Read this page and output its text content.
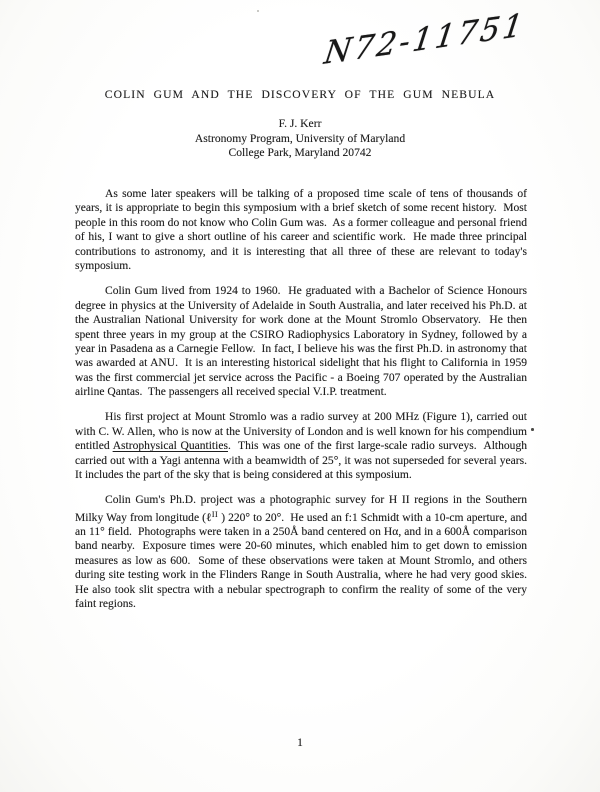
N72-11751
COLIN GUM AND THE DISCOVERY OF THE GUM NEBULA
F. J. Kerr
Astronomy Program, University of Maryland
College Park, Maryland 20742

As some later speakers will be talking of a proposed time scale of tens of thousands of years, it is appropriate to begin this symposium with a brief sketch of some recent history.  Most people in this room do not know who Colin Gum was.  As a former colleague and personal friend of his, I want to give a short outline of his career and scientific work.  He made three principal contributions to astronomy, and it is interesting that all three of these are relevant to today's symposium.

Colin Gum lived from 1924 to 1960.  He graduated with a Bachelor of Science Honours degree in physics at the University of Adelaide in South Australia, and later received his Ph.D. at the Australian National University for work done at the Mount Stromlo Observatory.  He then spent three years in my group at the CSIRO Radiophysics Laboratory in Sydney, followed by a year in Pasadena as a Carnegie Fellow.  In fact, I believe his was the first Ph.D. in astronomy that was awarded at ANU.  It is an interesting historical sidelight that his flight to California in 1959 was the first commercial jet service across the Pacific - a Boeing 707 operated by the Australian airline Qantas.  The passengers all received special V.I.P. treatment.

His first project at Mount Stromlo was a radio survey at 200 MHz (Figure 1), carried out with C. W. Allen, who is now at the University of London and is well known for his compendium entitled Astrophysical Quantities.  This was one of the first large-scale radio surveys.  Although carried out with a Yagi antenna with a beamwidth of 25°, it was not superseded for several years.  It includes the part of the sky that is being considered at this symposium.

Colin Gum's Ph.D. project was a photographic survey for H II regions in the Southern Milky Way from longitude (ℓ$^{II}$ ) 220° to 20°.  He used an f:1 Schmidt with a 10-cm aperture, and an 11° field.  Photographs were taken in a 250Å band centered on Hα, and in a 600Å comparison band nearby.  Exposure times were 20-60 minutes, which enabled him to get down to emission measures as low as 600.  Some of these observations were taken at Mount Stromlo, and others during site testing work in the Flinders Range in South Australia, where he had very good skies.  He also took slit spectra with a nebular spectrograph to confirm the reality of some of the very faint regions.

1
